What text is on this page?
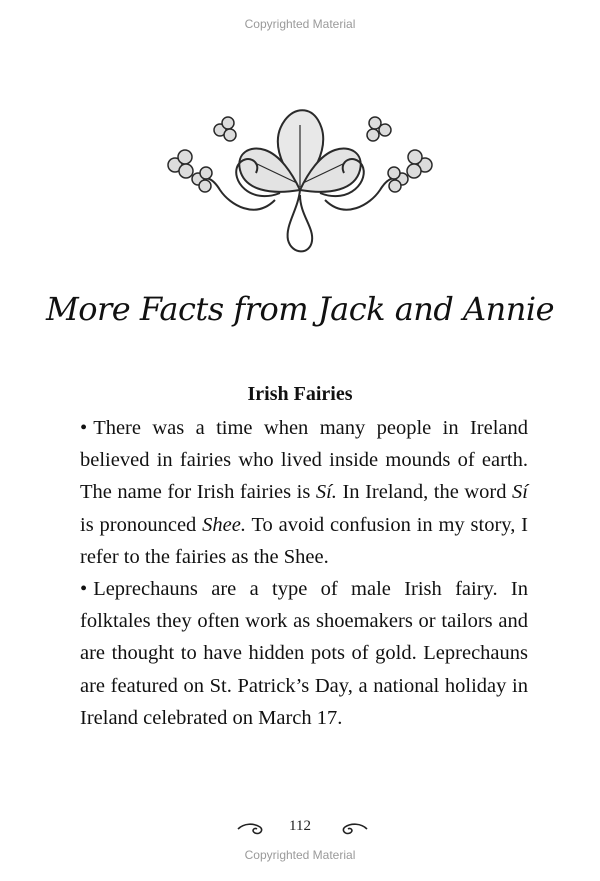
Copyrighted Material
More Facts from Jack and Annie
Irish Fairies

• There was a time when many people in Ireland believed in fairies who lived inside mounds of earth. The name for Irish fairies is Sí. In Ireland, the word Sí is pronounced Shee. To avoid confusion in my story, I refer to the fairies as the Shee.

• Leprechauns are a type of male Irish fairy. In folktales they often work as shoemakers or tailors and are thought to have hidden pots of gold. Leprechauns are featured on St. Patrick’s Day, a national holiday in Ireland celebrated on March 17.

112
Copyrighted Material
